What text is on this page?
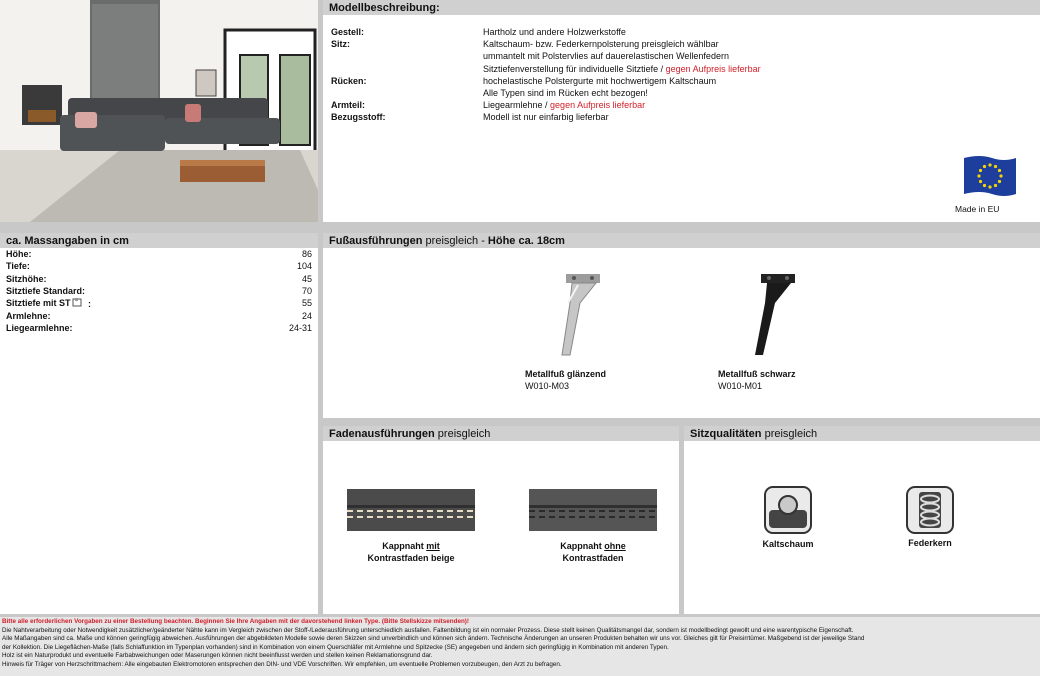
Modellbeschreibung:
Gestell:	Hartholz und andere Holzwerkstoffe
Sitz:	Kaltschaum- bzw. Federkernpolsterung preisgleich wählbar
ummantelt mit Polstervlies auf dauerelastischen Wellenfedern
Sitztiefenverstellung für individuelle Sitztiefe / gegen Aufpreis lieferbar
Rücken:	hochelastische Polstergurte mit hochwertigem Kaltschaum
Alle Typen sind im Rücken echt bezogen!
Armteil:	Liegearmlehne / gegen Aufpreis lieferbar
Bezugsstoff:	Modell ist nur einfarbig lieferbar
Made in EU
ca. Massangaben in cm
Höhe:	86
Tiefe:	104
Sitzhöhe:	45
Sitztiefe Standard:	70
Sitztiefe mit ST	:	55
Armlehne:	24
Liegearmlehne:	24-31
Fußausführungen preisgleich - Höhe ca. 18cm
Metallfuß glänzend
W010-M03
Metallfuß schwarz
W010-M01
Fadenausführungen preisgleich
Kappnaht mit
Kontrastfaden beige
Kappnaht ohne
Kontrastfaden
Sitzqualitäten preisgleich
Kaltschaum	Federkern
Bitte alle erforderlichen Vorgaben zu einer Bestellung beachten. Beginnen Sie Ihre Angaben mit der davorstehend linken Type. (Bitte Stellskizze mitsenden)!
Die Nahtverarbeitung oder Notwendigkeit zusätzlicher/geänderter Nähte kann im Vergleich zwischen der Stoff-/Lederausführung unterschiedlich ausfallen. Faltenbildung ist ein normaler Prozess. Diese stellt keinen Qualitätsmangel dar, sondern ist modellbedingt gewollt und eine warentypische Eigenschaft.
Alle Maßangaben sind ca. Maße und können geringfügig abweichen. Ausführungen der abgebildeten Modelle sowie deren Skizzen sind unverbindlich und können sich ändern. Technische Änderungen an unseren Produkten behalten wir uns vor. Gleiches gilt für Preisirrtümer. Maßgebend ist der jeweilige Stand
der Kollektion. Die Liegeflächen-Maße (falls Schlaffunktion im Typenplan vorhanden) sind in Kombination von einem Querschläfer mit Armlehne und Spitzecke (SE) angegeben und ändern sich geringfügig in Kombination mit anderen Typen.
Holz ist ein Naturprodukt und eventuelle Farbabweichungen oder Maserungen können nicht beeinflusst werden und stellen keinen Reklamationsgrund dar.
Hinweis für Träger von Herzschrittmachern: Alle eingebauten Elektromotoren entsprechen den DIN- und VDE Vorschriften. Wir empfehlen, um eventuelle Problemen vorzubeugen, den Arzt zu befragen.
